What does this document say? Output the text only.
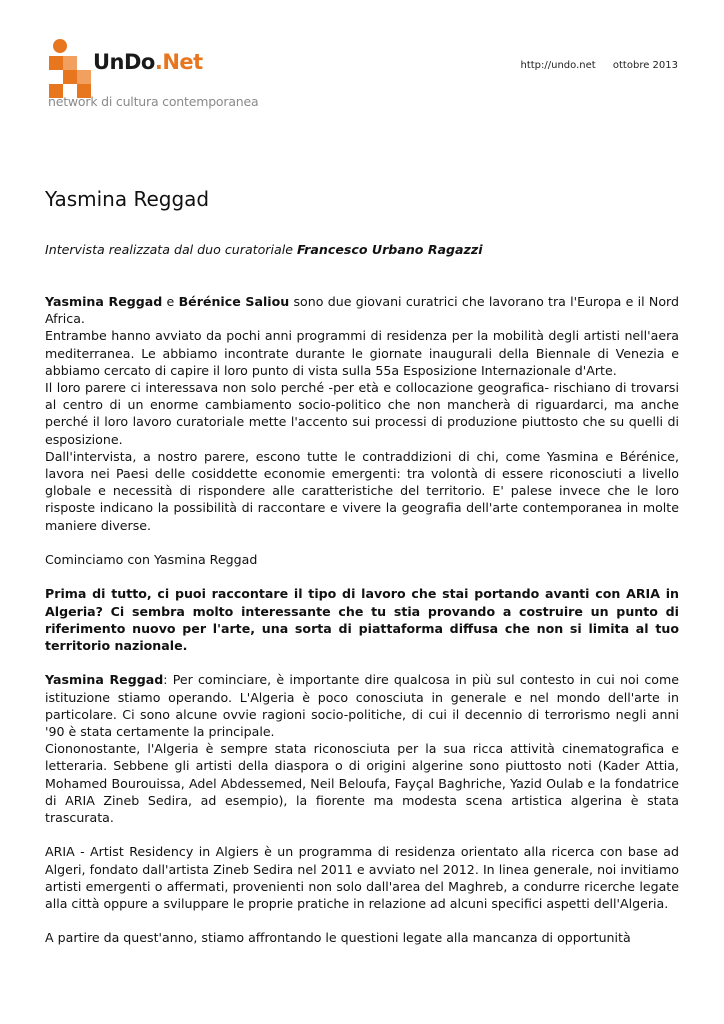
UnDo.Net
network di cultura contemporanea
http://undo.net ottobre 2013
Yasmina Reggad
Intervista realizzata dal duo curatoriale Francesco Urbano Ragazzi

Yasmina Reggad e Bérénice Saliou sono due giovani curatrici che lavorano tra l'Europa e il Nord Africa.

Entrambe hanno avviato da pochi anni programmi di residenza per la mobilità degli artisti nell'aera mediterranea. Le abbiamo incontrate durante le giornate inaugurali della Biennale di Venezia e abbiamo cercato di capire il loro punto di vista sulla 55a Esposizione Internazionale d'Arte.

Il loro parere ci interessava non solo perché -per età e collocazione geografica- rischiano di trovarsi al centro di un enorme cambiamento socio-politico che non mancherà di riguardarci, ma anche perché il loro lavoro curatoriale mette l'accento sui processi di produzione piuttosto che su quelli di esposizione.

Dall'intervista, a nostro parere, escono tutte le contraddizioni di chi, come Yasmina e Bérénice, lavora nei Paesi delle cosiddette economie emergenti: tra volontà di essere riconosciuti a livello globale e necessità di rispondere alle caratteristiche del territorio. E' palese invece che le loro risposte indicano la possibilità di raccontare e vivere la geografia dell'arte contemporanea in molte maniere diverse.

Cominciamo con Yasmina Reggad

Prima di tutto, ci puoi raccontare il tipo di lavoro che stai portando avanti con ARIA in Algeria? Ci sembra molto interessante che tu stia provando a costruire un punto di riferimento nuovo per l'arte, una sorta di piattaforma diffusa che non si limita al tuo territorio nazionale.

Yasmina Reggad: Per cominciare, è importante dire qualcosa in più sul contesto in cui noi come istituzione stiamo operando. L'Algeria è poco conosciuta in generale e nel mondo dell'arte in particolare. Ci sono alcune ovvie ragioni socio-politiche, di cui il decennio di terrorismo negli anni '90 è stata certamente la principale.

Ciononostante, l'Algeria è sempre stata riconosciuta per la sua ricca attività cinematografica e letteraria. Sebbene gli artisti della diaspora o di origini algerine sono piuttosto noti (Kader Attia, Mohamed Bourouissa, Adel Abdessemed, Neil Beloufa, Fayçal Baghriche, Yazid Oulab e la fondatrice di ARIA Zineb Sedira, ad esempio), la fiorente ma modesta scena artistica algerina è stata trascurata.

ARIA - Artist Residency in Algiers è un programma di residenza orientato alla ricerca con base ad Algeri, fondato dall'artista Zineb Sedira nel 2011 e avviato nel 2012. In linea generale, noi invitiamo artisti emergenti o affermati, provenienti non solo dall'area del Maghreb, a condurre ricerche legate alla città oppure a sviluppare le proprie pratiche in relazione ad alcuni specifici aspetti dell'Algeria.

A partire da quest'anno, stiamo affrontando le questioni legate alla mancanza di opportunità
